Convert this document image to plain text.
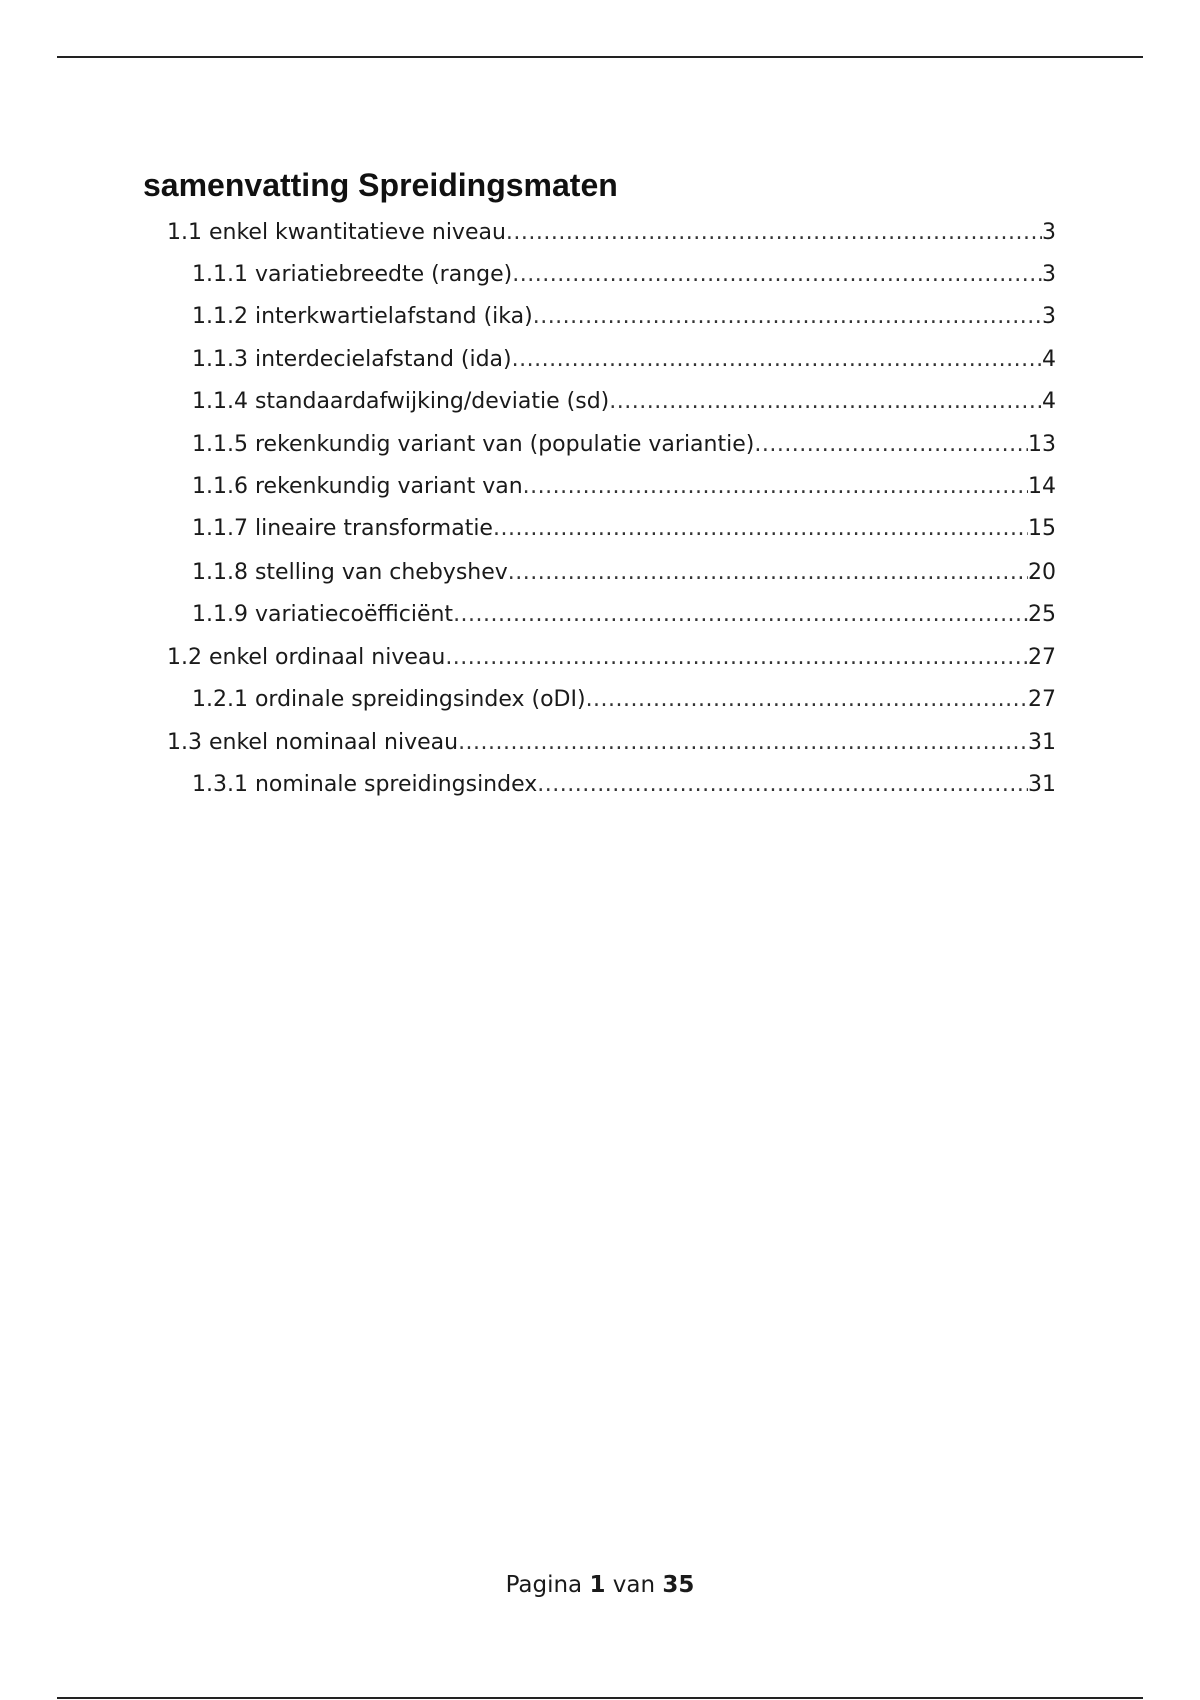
samenvatting Spreidingsmaten
1.1 enkel kwantitatieve niveau .....	3
1.1.1 variatiebreedte (range) .....	3
1.1.2 interkwartielafstand (ika) .....	3
1.1.3 interdecielafstand (ida) .....	4
1.1.4 standaardafwijking/deviatie (sd) .....	4
1.1.5 rekenkundig variant van (populatie variantie) .....	13
1.1.6 rekenkundig variant van .....	14
1.1.7 lineaire transformatie .....	15
1.1.8 stelling van chebyshev .....	20
1.1.9 variatiecoëfficiënt .....	25
1.2 enkel ordinaal niveau .....	27
1.2.1 ordinale spreidingsindex (oDI) .....	27
1.3 enkel nominaal niveau .....	31
1.3.1 nominale spreidingsindex .....	31
Pagina 1 van 35
